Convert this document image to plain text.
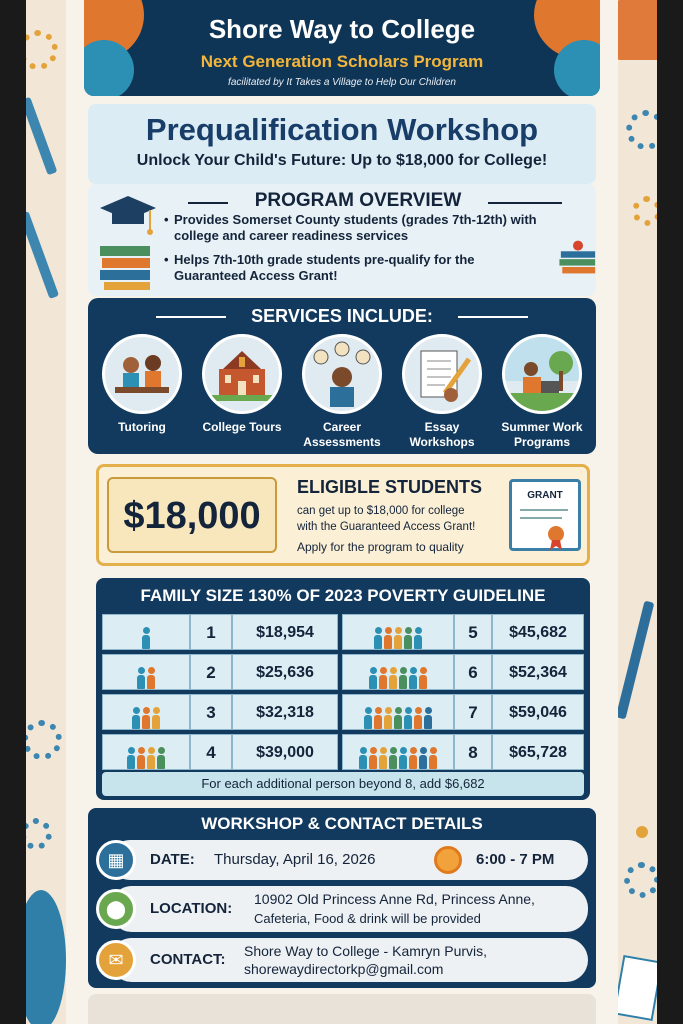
Shore Way to College
Next Generation Scholars Program
facilitated by It Takes a Village to Help Our Children
Prequalification Workshop
Unlock Your Child's Future: Up to $18,000 for College!
PROGRAM OVERVIEW
• Provides Somerset County students (grades 7th-12th) with college and career readiness services
• Helps 7th-10th grade students pre-qualify for the Guaranteed Access Grant!
SERVICES INCLUDE:
Tutoring	College Tours	Career Assessments
Essay Workshops
Summer Work Programs
$18,000
ELIGIBLE STUDENTS
can get up to $18,000 for college
with the Guaranteed Access Grant!
Apply for the program to quality
GRANT
FAMILY SIZE 130% OF 2023 POVERTY GUIDELINE
1	$18,954	5	$45,682
2	$25,636	6	$52,364
3	$32,318	7	$59,046
4	$39,000	8	$65,728
For each additional person beyond 8, add $6,682
WORKSHOP & CONTACT DETAILS
▦	DATE: Thursday, April 16, 2026	6:00 - 7 PM
⬤	LOCATION:
10902 Old Princess Anne Rd, Princess Anne,
Cafeteria, Food & drink will be provided
✉	CONTACT: Shore Way to College - Kamryn Purvis,
shorewaydirectorkp@gmail.com
